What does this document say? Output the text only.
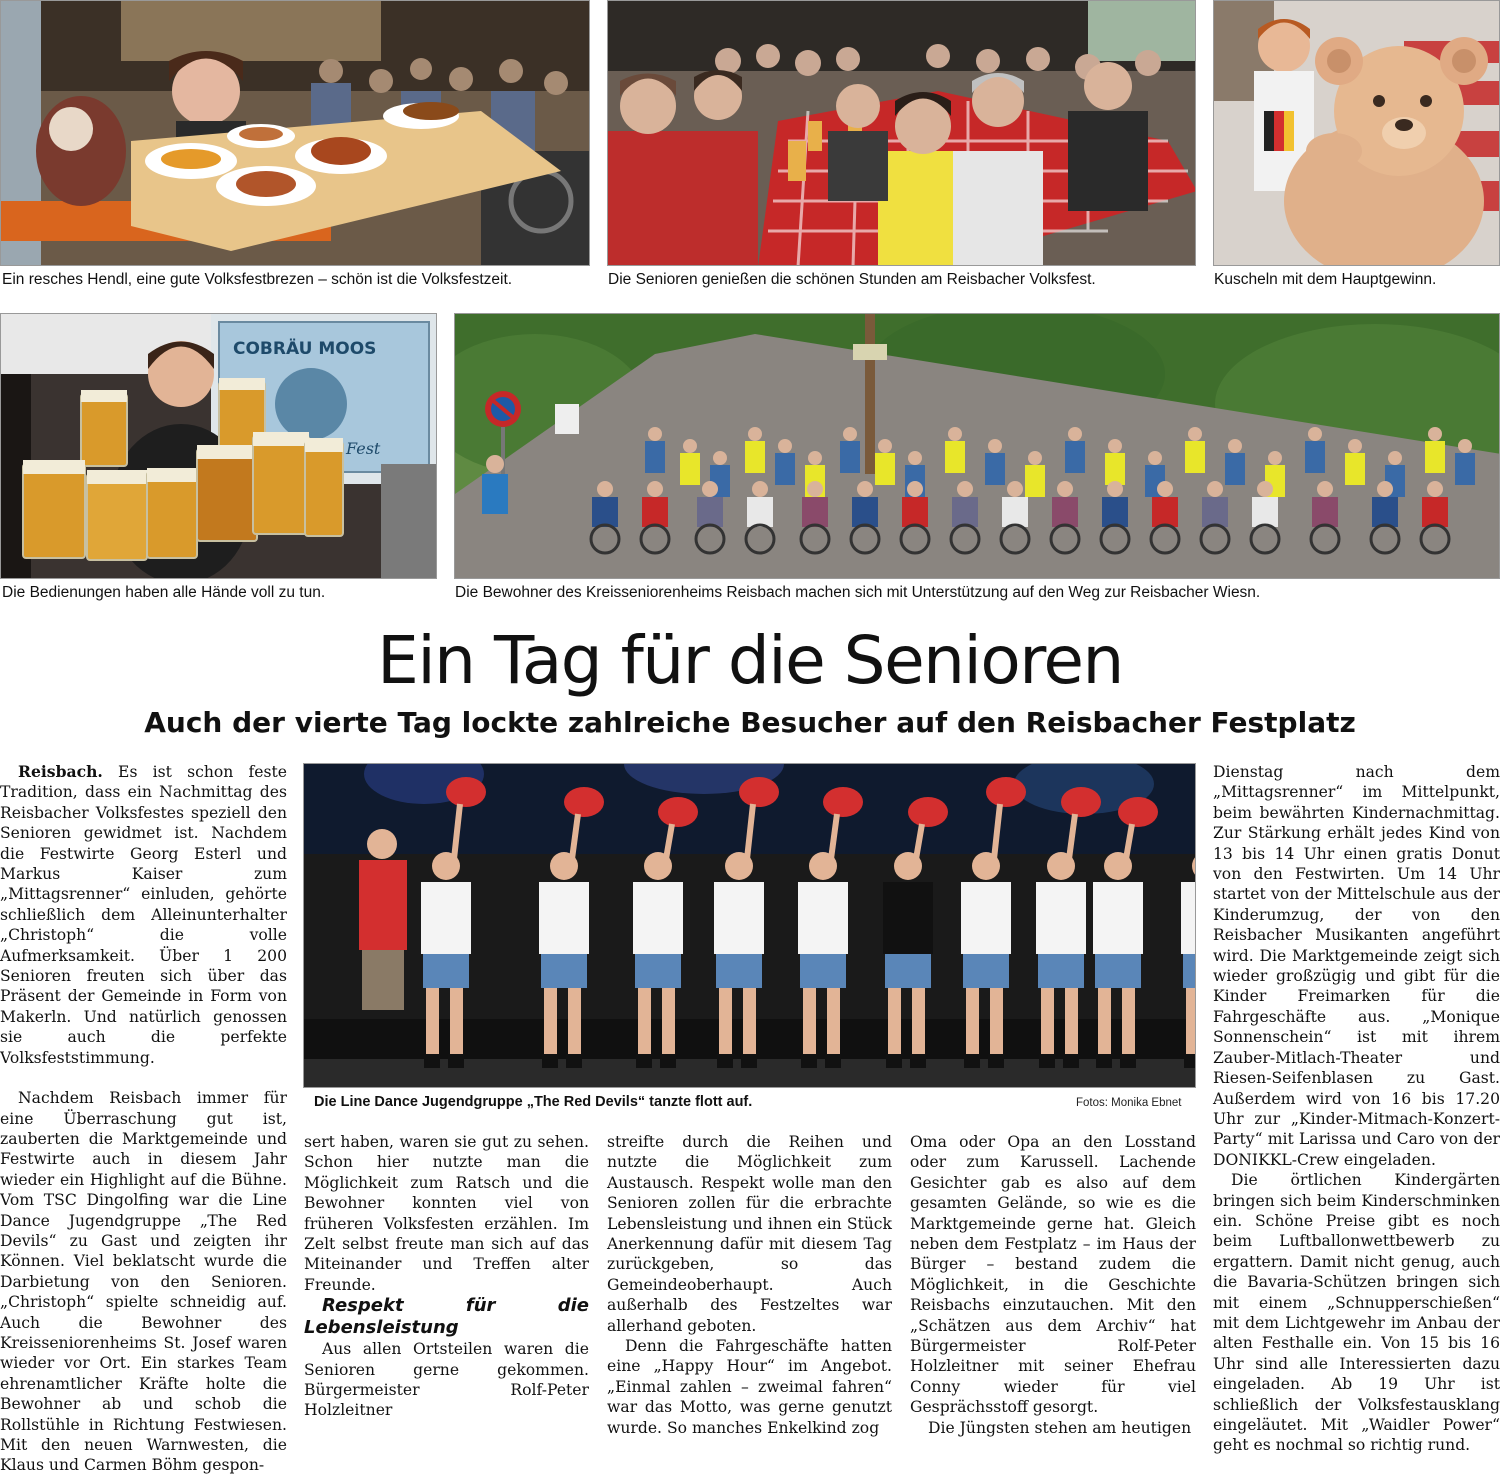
Ein resches Hendl, eine gute Volksfestbrezen – schön ist die Volksfestzeit.	Die Senioren genießen die schönen Stunden am Reisbacher Volksfest.	Kuscheln mit dem Hauptgewinn.
COBRÄU MOOS
Fest
Die Bedienungen haben alle Hände voll zu tun.	Die Bewohner des Kreisseniorenheims Reisbach machen sich mit Unterstützung auf den Weg zur Reisbacher Wiesn.
Ein Tag für die Senioren
Auch der vierte Tag lockte zahlreiche Besucher auf den Reisbacher Festplatz
Die Line Dance Jugendgruppe „The Red Devils“ tanzte flott auf.	Fotos: Monika Ebnet

Reisbach. Es ist schon feste Tradition, dass ein Nachmittag des Reisbacher Volksfestes speziell den Senioren gewidmet ist. Nachdem die Festwirte Georg Esterl und Markus Kaiser zum „Mittagsrenner“ einluden, gehörte schließlich dem Alleinunterhalter „Christoph“ die volle Aufmerksamkeit. Über 1 200 Senioren freuten sich über das Präsent der Gemeinde in Form von Makerln. Und natürlich genossen sie auch die perfekte Volksfeststimmung.

Nachdem Reisbach immer für eine Überraschung gut ist, zauberten die Marktgemeinde und Festwirte auch in diesem Jahr wieder ein Highlight auf die Bühne. Vom TSC Dingolfing war die Line Dance Jugendgruppe „The Red Devils“ zu Gast und zeigten ihr Können. Viel beklatscht wurde die Darbietung von den Senioren. „Christoph“ spielte schneidig auf. Auch die Bewohner des Kreisseniorenheims St. Josef waren wieder vor Ort. Ein starkes Team ehrenamtlicher Kräfte holte die Bewohner ab und schob die Rollstühle in Richtung Festwiesen. Mit den neuen Warnwesten, die Klaus und Carmen Böhm gespon-

sert haben, waren sie gut zu sehen. Schon hier nutzte man die Möglichkeit zum Ratsch und die Bewohner konnten viel von früheren Volksfesten erzählen. Im Zelt selbst freute man sich auf das Miteinander und Treffen alter Freunde.

Respekt für die Lebensleistung

Aus allen Ortsteilen waren die Senioren gerne gekommen. Bürgermeister Rolf-Peter Holzleitner

streifte durch die Reihen und nutzte die Möglichkeit zum Austausch. Respekt wolle man den Senioren zollen für die erbrachte Lebensleistung und ihnen ein Stück Anerkennung dafür mit diesem Tag zurückgeben, so das Gemeindeoberhaupt. Auch außerhalb des Festzeltes war allerhand geboten.

Denn die Fahrgeschäfte hatten eine „Happy Hour“ im Angebot. „Einmal zahlen – zweimal fahren“ war das Motto, was gerne genutzt wurde. So manches Enkelkind zog

Oma oder Opa an den Losstand oder zum Karussell. Lachende Gesichter gab es also auf dem gesamten Gelände, so wie es die Marktgemeinde gerne hat. Gleich neben dem Festplatz – im Haus der Bürger – bestand zudem die Möglichkeit, in die Geschichte Reisbachs einzutauchen. Mit den „Schätzen aus dem Archiv“ hat Bürgermeister Rolf-Peter Holzleitner mit seiner Ehefrau Conny wieder für viel Gesprächsstoff gesorgt.

Die Jüngsten stehen am heutigen

Dienstag nach dem „Mittagsrenner“ im Mittelpunkt, beim bewährten Kindernachmittag. Zur Stärkung erhält jedes Kind von 13 bis 14 Uhr einen gratis Donut von den Festwirten. Um 14 Uhr startet von der Mittelschule aus der Kinderumzug, der von den Reisbacher Musikanten angeführt wird. Die Marktgemeinde zeigt sich wieder großzügig und gibt für die Kinder Freimarken für die Fahrgeschäfte aus. „Monique Sonnenschein“ ist mit ihrem Zauber-Mitlach-Theater und Riesen-Seifenblasen zu Gast. Außerdem wird von 16 bis 17.20 Uhr zur „Kinder-Mitmach-Konzert-Party“ mit Larissa und Caro von der DONIKKL-Crew eingeladen.

Die örtlichen Kindergärten bringen sich beim Kinderschminken ein. Schöne Preise gibt es noch beim Luftballonwettbewerb zu ergattern. Damit nicht genug, auch die Bavaria-Schützen bringen sich mit einem „Schnupperschießen“ mit dem Lichtgewehr im Anbau der alten Festhalle ein. Von 15 bis 16 Uhr sind alle Interessierten dazu eingeladen. Ab 19 Uhr ist schließlich der Volksfestausklang eingeläutet. Mit „Waidler Power“ geht es nochmal so richtig rund.
